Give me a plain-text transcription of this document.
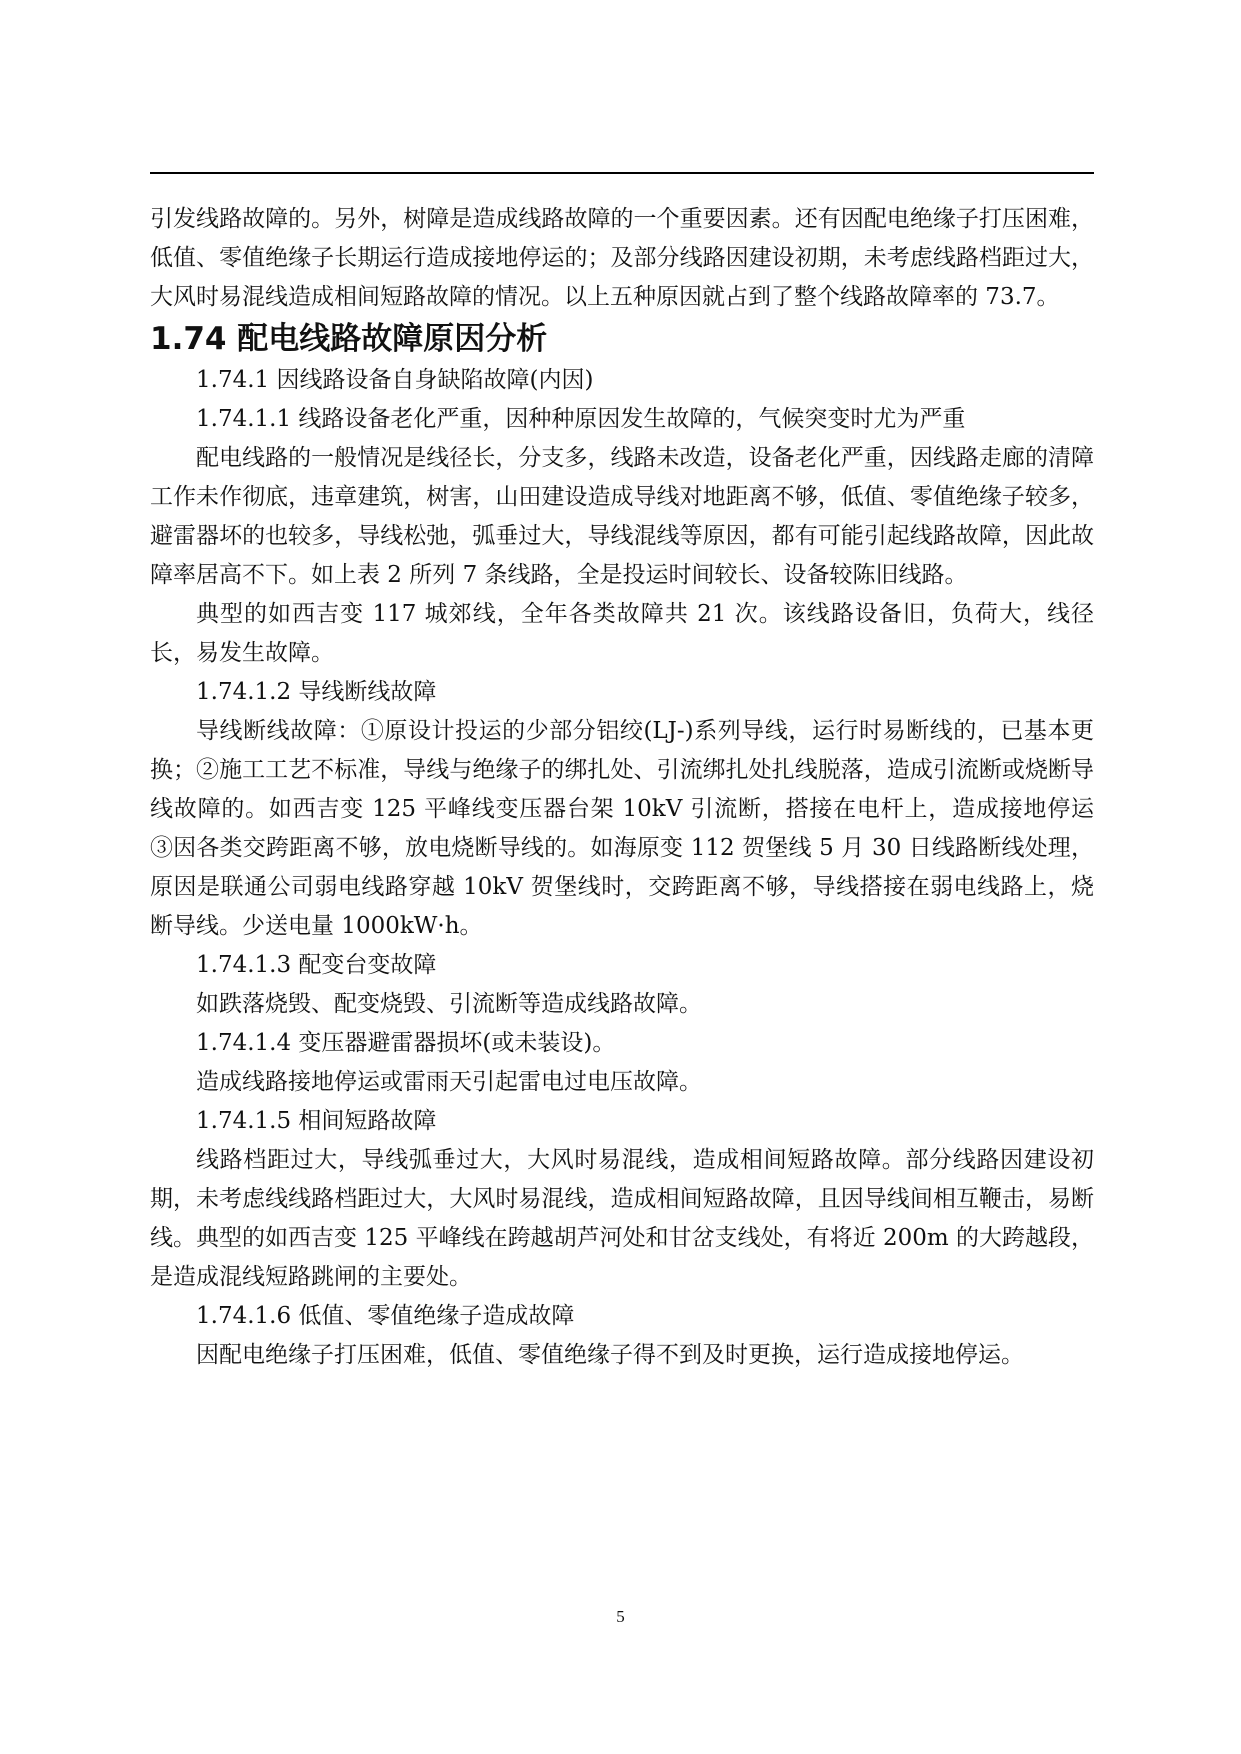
引发线路故障的。另外，树障是造成线路故障的一个重要因素。还有因配电绝缘子打压困难，低值、零值绝缘子长期运行造成接地停运的；及部分线路因建设初期，未考虑线路档距过大，大风时易混线造成相间短路故障的情况。以上五种原因就占到了整个线路故障率的 73.7。

1.74 配电线路故障原因分析

1.74.1 因线路设备自身缺陷故障(内因)

1.74.1.1 线路设备老化严重，因种种原因发生故障的，气候突变时尤为严重

配电线路的一般情况是线径长，分支多，线路未改造，设备老化严重，因线路走廊的清障工作未作彻底，违章建筑，树害，山田建设造成导线对地距离不够，低值、零值绝缘子较多，避雷器坏的也较多，导线松弛，弧垂过大，导线混线等原因，都有可能引起线路故障，因此故障率居高不下。如上表 2 所列 7 条线路，全是投运时间较长、设备较陈旧线路。

典型的如西吉变 117 城郊线，全年各类故障共 21 次。该线路设备旧，负荷大，线径长，易发生故障。

1.74.1.2 导线断线故障

导线断线故障：①原设计投运的少部分铝绞(LJ-)系列导线，运行时易断线的，已基本更换；②施工工艺不标准，导线与绝缘子的绑扎处、引流绑扎处扎线脱落，造成引流断或烧断导线故障的。如西吉变 125 平峰线变压器台架 10kV 引流断，搭接在电杆上，造成接地停运 ③因各类交跨距离不够，放电烧断导线的。如海原变 112 贺堡线 5 月 30 日线路断线处理，原因是联通公司弱电线路穿越 10kV 贺堡线时，交跨距离不够，导线搭接在弱电线路上，烧断导线。少送电量 1000kW·h。

1.74.1.3 配变台变故障

如跌落烧毁、配变烧毁、引流断等造成线路故障。

1.74.1.4 变压器避雷器损坏(或未装设)。

造成线路接地停运或雷雨天引起雷电过电压故障。

1.74.1.5 相间短路故障

线路档距过大，导线弧垂过大，大风时易混线，造成相间短路故障。部分线路因建设初期，未考虑线线路档距过大，大风时易混线，造成相间短路故障，且因导线间相互鞭击，易断线。典型的如西吉变 125 平峰线在跨越胡芦河处和甘岔支线处，有将近 200m 的大跨越段，是造成混线短路跳闸的主要处。

1.74.1.6 低值、零值绝缘子造成故障

因配电绝缘子打压困难，低值、零值绝缘子得不到及时更换，运行造成接地停运。

5
